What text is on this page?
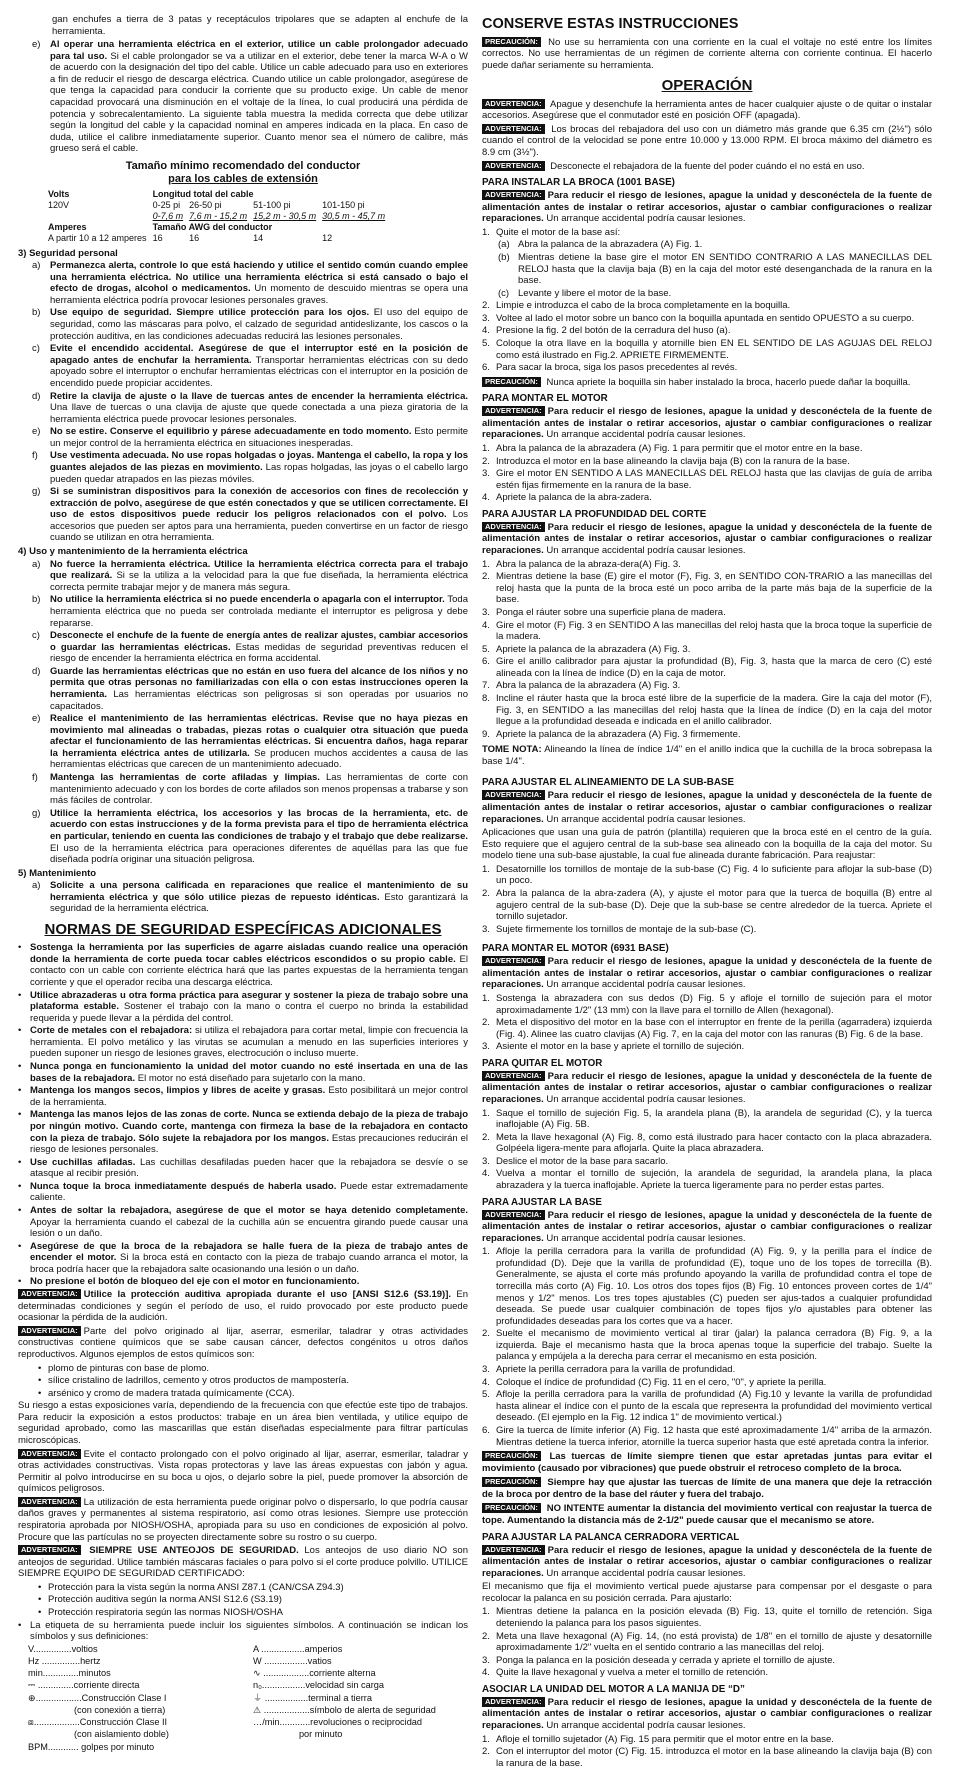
gan enchufes a tierra de 3 patas y receptáculos tripolares que se adapten al enchufe de la herramienta.

e)	Al operar una herramienta eléctrica en el exterior, utilice un cable prolongador adecuado para tal uso. Si el cable prolongador se va a utilizar en el exterior, debe tener la marca W-A o W de acuerdo con la designación del tipo del cable. Utilice un cable adecuado para uso en exteriores a fin de reducir el riesgo de descarga eléctrica. Cuando utilice un cable prolongador, asegúrese de que tenga la capacidad para conducir la corriente que su producto exige. Un cable de menor capacidad provocará una disminución en el voltaje de la línea, lo cual producirá una pérdida de potencia y sobrecalentamiento. La siguiente tabla muestra la medida correcta que debe utilizar según la longitud del cable y la capacidad nominal en amperes indicada en la placa. En caso de duda, utilice el calibre inmediatamente superior. Cuanto menor sea el número de calibre, más grueso será el cable.
Tamaño mínimo recomendado del conductor
para los cables de extensión
Volts	Longitud total del cable			
120V	0-25 pi	26-50 pi	51-100 pi	101-150 pi
	0-7,6 m	7,6 m - 15,2 m	15,2 m - 30,5 m	30,5 m - 45,7 m
Amperes	Tamaño AWG del conductor			
A partir 10 a 12 amperes	16	16	14	12
3) Seguridad personal
a)	Permanezca alerta, controle lo que está haciendo y utilice el sentido común cuando emplee una herramienta eléctrica. No utilice una herramienta eléctrica si está cansado o bajo el efecto de drogas, alcohol o medicamentos. Un momento de descuido mientras se opera una herramienta eléctrica podría provocar lesiones personales graves.
b)	Use equipo de seguridad. Siempre utilice protección para los ojos. El uso del equipo de seguridad, como las máscaras para polvo, el calzado de seguridad antideslizante, los cascos o la protección auditiva, en las condiciones adecuadas reducirá las lesiones personales.
c)	Evite el encendido accidental. Asegúrese de que el interruptor esté en la posición de apagado antes de enchufar la herramienta. Transportar herramientas eléctricas con su dedo apoyado sobre el interruptor o enchufar herramientas eléctricas con el interruptor en la posición de encendido puede propiciar accidentes.
d)	Retire la clavija de ajuste o la llave de tuercas antes de encender la herramienta eléctrica. Una llave de tuercas o una clavija de ajuste que quede conectada a una pieza giratoria de la herramienta eléctrica puede provocar lesiones personales.
e)	No se estire. Conserve el equilibrio y párese adecuadamente en todo momento. Esto permite un mejor control de la herramienta eléctrica en situaciones inesperadas.
f)	Use vestimenta adecuada. No use ropas holgadas o joyas. Mantenga el cabello, la ropa y los guantes alejados de las piezas en movimiento. Las ropas holgadas, las joyas o el cabello largo pueden quedar atrapados en las piezas móviles.
g)	Si se suministran dispositivos para la conexión de accesorios con fines de recolección y extracción de polvo, asegúrese de que estén conectados y que se utilicen correctamente. El uso de estos dispositivos puede reducir los peligros relacionados con el polvo. Los accesorios que pueden ser aptos para una herramienta, pueden convertirse en un factor de riesgo cuando se utilizan en otra herramienta.
4) Uso y mantenimiento de la herramienta eléctrica
a)	No fuerce la herramienta eléctrica. Utilice la herramienta eléctrica correcta para el trabajo que realizará. Si se la utiliza a la velocidad para la que fue diseñada, la herramienta eléctrica correcta permite trabajar mejor y de manera más segura.
b)	No utilice la herramienta eléctrica si no puede encenderla o apagarla con el interruptor. Toda herramienta eléctrica que no pueda ser controlada mediante el interruptor es peligrosa y debe repararse.
c)	Desconecte el enchufe de la fuente de energía antes de realizar ajustes, cambiar accesorios o guardar las herramientas eléctricas. Estas medidas de seguridad preventivas reducen el riesgo de encender la herramienta eléctrica en forma accidental.
d)	Guarde las herramientas eléctricas que no están en uso fuera del alcance de los niños y no permita que otras personas no familiarizadas con ella o con estas instrucciones operen la herramienta. Las herramientas eléctricas son peligrosas si son operadas por usuarios no capacitados.
e)	Realice el mantenimiento de las herramientas eléctricas. Revise que no haya piezas en movimiento mal alineadas o trabadas, piezas rotas o cualquier otra situación que pueda afectar el funcionamiento de las herramientas eléctricas. Si encuentra daños, haga reparar la herramienta eléctrica antes de utilizarla. Se producen muchos accidentes a causa de las herramientas eléctricas que carecen de un mantenimiento adecuado.
f)	Mantenga las herramientas de corte afiladas y limpias. Las herramientas de corte con mantenimiento adecuado y con los bordes de corte afilados son menos propensas a trabarse y son más fáciles de controlar.
g)	Utilice la herramienta eléctrica, los accesorios y las brocas de la herramienta, etc. de acuerdo con estas instrucciones y de la forma prevista para el tipo de herramienta eléctrica en particular, teniendo en cuenta las condiciones de trabajo y el trabajo que debe realizarse. El uso de la herramienta eléctrica para operaciones diferentes de aquéllas para las que fue diseñada podría originar una situación peligrosa.
5) Mantenimiento
a)	Solicite a una persona calificada en reparaciones que realice el mantenimiento de su herramienta eléctrica y que sólo utilice piezas de repuesto idénticas. Esto garantizará la seguridad de la herramienta eléctrica.
NORMAS DE SEGURIDAD ESPECÍFICAS ADICIONALES
• Sostenga la herramienta por las superficies de agarre aisladas cuando realice una operación donde la herramienta de corte pueda tocar cables eléctricos escondidos o su propio cable. El contacto con un cable con corriente eléctrica hará que las partes expuestas de la herramienta tengan corriente y que el operador reciba una descarga eléctrica.
• Utilice abrazaderas u otra forma práctica para asegurar y sostener la pieza de trabajo sobre una plataforma estable. Sostener el trabajo con la mano o contra el cuerpo no brinda la estabilidad requerida y puede llevar a la pérdida del control.
• Corte de metales con el rebajadora: si utiliza el rebajadora para cortar metal, limpie con frecuencia la herramienta. El polvo metálico y las virutas se acumulan a menudo en las superficies interiores y pueden suponer un riesgo de lesiones graves, electrocución o incluso muerte.
• Nunca ponga en funcionamiento la unidad del motor cuando no esté insertada en una de las bases de la rebajadora. El motor no está diseñado para sujetarlo con la mano.
• Mantenga los mangos secos, limpios y libres de aceite y grasas. Esto posibilitará un mejor control de la herramienta.
• Mantenga las manos lejos de las zonas de corte. Nunca se extienda debajo de la pieza de trabajo por ningún motivo. Cuando corte, mantenga con firmeza la base de la rebajadora en contacto con la pieza de trabajo. Sólo sujete la rebajadora por los mangos. Estas precauciones reducirán el riesgo de lesiones personales.
• Use cuchillas afiladas. Las cuchillas desafiladas pueden hacer que la rebajadora se desvíe o se atasque al recibir presión.
• Nunca toque la broca inmediatamente después de haberla usado. Puede estar extremadamente caliente.
• Antes de soltar la rebajadora, asegúrese de que el motor se haya detenido completamente. Apoyar la herramienta cuando el cabezal de la cuchilla aún se encuentra girando puede causar una lesión o un daño.
• Asegúrese de que la broca de la rebajadora se halle fuera de la pieza de trabajo antes de encender el motor. Si la broca está en contacto con la pieza de trabajo cuando arranca el motor, la broca podría hacer que la rebajadora salte ocasionando una lesión o un daño.
• No presione el botón de bloqueo del eje con el motor en funcionamiento.

ADVERTENCIA: Utilice la protección auditiva apropiada durante el uso [ANSI S12.6 (S3.19)]. En determinadas condiciones y según el período de uso, el ruido provocado por este producto puede ocasionar la pérdida de la audición.

ADVERTENCIA: Parte del polvo originado al lijar, aserrar, esmerilar, taladrar y otras actividades constructivas contiene químicos que se sabe causan cáncer, defectos congénitos u otros daños reproductivos. Algunos ejemplos de estos químicos son:

• plomo de pinturas con base de plomo.
• sílice cristalino de ladrillos, cemento y otros productos de mampostería.
• arsénico y cromo de madera tratada químicamente (CCA).

Su riesgo a estas exposiciones varía, dependiendo de la frecuencia con que efectúe este tipo de trabajos. Para reducir la exposición a estos productos: trabaje en un área bien ventilada, y utilice equipo de seguridad aprobado, como las mascarillas que están diseñadas especialmente para filtrar partículas microscópicas.

ADVERTENCIA: Evite el contacto prolongado con el polvo originado al lijar, aserrar, esmerilar, taladrar y otras actividades constructivas. Vista ropas protectoras y lave las áreas expuestas con jabón y agua. Permitir al polvo introducirse en su boca u ojos, o dejarlo sobre la piel, puede promover la absorción de químicos peligrosos.

ADVERTENCIA: La utilización de esta herramienta puede originar polvo o dispersarlo, lo que podría causar daños graves y permanentes al sistema respiratorio, así como otras lesiones. Siempre use protección respiratoria aprobada por NIOSH/OSHA, apropiada para su uso en condiciones de exposición al polvo. Procure que las partículas no se proyecten directamente sobre su rostro o su cuerpo.

ADVERTENCIA: SIEMPRE USE ANTEOJOS DE SEGURIDAD. Los anteojos de uso diario NO son anteojos de seguridad. Utilice también máscaras faciales o para polvo si el corte produce polvillo. UTILICE SIEMPRE EQUIPO DE SEGURIDAD CERTIFICADO:

• Protección para la vista según la norma ANSI Z87.1 (CAN/CSA Z94.3)
• Protección auditiva según la norma ANSI S12.6 (S3.19)
• Protección respiratoria según las normas NIOSH/OSHA
• La etiqueta de su herramienta puede incluir los siguientes símbolos. A continuación se indican los símbolos y sus definiciones:
V...............voltios	A .................amperios
Hz ...............hertz	W .................vatios
min..............minutos	∿ ..................corriente alterna
⎓ ..............corriente directa	n₀.................velocidad sin carga
⊕..................Construcción Clase I	⏚ .................terminal a tierra
(con conexión a tierra)	⚠ ..................símbolo de alerta de seguridad
⧈..................Construcción Clase II	…/min............revoluciones o reciprocidad
(con aislamiento doble)	por minuto
BPM............ golpes por minuto
CONSERVE ESTAS INSTRUCCIONES

PRECAUCIÓN: No use su herramienta con una corriente en la cual el voltaje no esté entre los límites correctos. No use herramientas de un régimen de corriente alterna con corriente continua. El hacerlo puede dañar seriamente su herramienta.

OPERACIÓN

ADVERTENCIA: Apague y desenchufe la herramienta antes de hacer cualquier ajuste o de quitar o instalar accesorios. Asegúrese que el conmutador esté en posición OFF (apagada).

ADVERTENCIA: Los brocas del rebajadora del uso con un diámetro más grande que 6.35 cm (2½") sólo cuando el control de la velocidad se pone entre 10.000 y 13.000 RPM. El broca máximo del diámetro es 8.9 cm (3½").

ADVERTENCIA: Desconecte el rebajadora de la fuente del poder cuándo el no está en uso.

PARA INSTALAR LA BROCA (1001 BASE)

ADVERTENCIA: Para reducir el riesgo de lesiones, apague la unidad y desconéctela de la fuente de alimentación antes de instalar o retirar accesorios, ajustar o cambiar configuraciones o realizar reparaciones. Un arranque accidental podría causar lesiones.

1. Quite el motor de la base así:
(a) Abra la palanca de la abrazadera (A) Fig. 1.
(b) Mientras detiene la base gire el motor EN SENTIDO CONTRARIO A LAS MANECILLAS DEL RELOJ hasta que la clavija baja (B) en la caja del motor esté desenganchada de la ranura en la base.
(c) Levante y libere el motor de la base.
2. Limpie e introduzca el cabo de la broca completamente en la boquilla.
3. Voltee al lado el motor sobre un banco con la boquilla apuntada en sentido OPUESTO a su cuerpo.
4. Presione la fig. 2 del botón de la cerradura del huso (a).
5. Coloque la otra llave en la boquilla y atornille bien EN EL SENTIDO DE LAS AGUJAS DEL RELOJ como está ilustrado en Fig.2. APRIETE FIRMEMENTE.
6. Para sacar la broca, siga los pasos precedentes al revés.

PRECAUCIÓN: Nunca apriete la boquilla sin haber instalado la broca, hacerlo puede dañar la boquilla.

PARA MONTAR EL MOTOR

ADVERTENCIA: Para reducir el riesgo de lesiones, apague la unidad y desconéctela de la fuente de alimentación antes de instalar o retirar accesorios, ajustar o cambiar configuraciones o realizar reparaciones. Un arranque accidental podría causar lesiones.

1. Abra la palanca de la abrazadera (A) Fig. 1 para permitir que el motor entre en la base.
2. Introduzca el motor en la base alineando la clavija baja (B) con la ranura de la base.
3. Gire el motor EN SENTIDO A LAS MANECILLAS DEL RELOJ hasta que las clavijas de guía de arriba estén fijas firmemente en la ranura de la base.
4. Apriete la palanca de la abra-zadera.
PARA AJUSTAR LA PROFUNDIDAD DEL CORTE

ADVERTENCIA: Para reducir el riesgo de lesiones, apague la unidad y desconéctela de la fuente de alimentación antes de instalar o retirar accesorios, ajustar o cambiar configuraciones o realizar reparaciones. Un arranque accidental podría causar lesiones.

1. Abra la palanca de la abraza-dera(A) Fig. 3.
2. Mientras detiene la base (E) gire el motor (F), Fig. 3, en SENTIDO CON-TRARIO a las manecillas del reloj hasta que la punta de la broca esté un poco arriba de la parte más baja de la superficie de la base.
3. Ponga el ráuter sobre una superficie plana de madera.
4. Gire el motor (F) Fig. 3 en SENTIDO A las manecillas del reloj hasta que la broca toque la superficie de la madera.
5. Apriete la palanca de la abrazadera (A) Fig. 3.
6. Gire el anillo calibrador para ajustar la profundidad (B), Fig. 3, hasta que la marca de cero (C) esté alineada con la línea de índice (D) en la caja de motor.
7. Abra la palanca de la abrazadera (A) Fig. 3.
8. Incline el ráuter hasta que la broca esté libre de la superficie de la madera. Gire la caja del motor (F), Fig. 3, en SENTIDO a las manecillas del reloj hasta que la línea de índice (D) en la caja del motor llegue a la profundidad deseada e indicada en el anillo calibrador.
9. Apriete la palanca de la abrazadera (A) Fig. 3 firmemente.

TOME NOTA: Alineando la línea de índice 1/4" en el anillo indica que la cuchilla de la broca sobrepasa la base 1/4".

PARA AJUSTAR EL ALINEAMIENTO DE LA SUB-BASE

ADVERTENCIA: Para reducir el riesgo de lesiones, apague la unidad y desconéctela de la fuente de alimentación antes de instalar o retirar accesorios, ajustar o cambiar configuraciones o realizar reparaciones. Un arranque accidental podría causar lesiones.

Aplicaciones que usan una guía de patrón (plantilla) requieren que la broca esté en el centro de la guía. Esto requiere que el agujero central de la sub-base sea alineado con la boquilla de la caja del motor. Su modelo tiene una sub-base ajustable, la cual fue alineada durante fabricación. Para reajustar:

1. Desatornille los tornillos de montaje de la sub-base (C) Fig. 4 lo suficiente para aflojar la sub-base (D) un poco.
2. Abra la palanca de la abra-zadera (A), y ajuste el motor para que la tuerca de boquilla (B) entre al agujero central de la sub-base (D). Deje que la sub-base se centre alrededor de la tuerca. Apriete el tornillo sujetador.
3. Sujete firmemente los tornillos de montaje de la sub-base (C).
PARA MONTAR EL MOTOR (6931 BASE)

ADVERTENCIA: Para reducir el riesgo de lesiones, apague la unidad y desconéctela de la fuente de alimentación antes de instalar o retirar accesorios, ajustar o cambiar configuraciones o realizar reparaciones. Un arranque accidental podría causar lesiones.

1. Sostenga la abrazadera con sus dedos (D) Fig. 5 y afloje el tornillo de sujeción para el motor aproximadamente 1/2" (13 mm) con la llave para el tornillo de Allen (hexagonal).
2. Meta el dispositivo del motor en la base con el interruptor en frente de la perilla (agarradera) izquierda (Fig. 4). Alinee las cuatro clavijas (A) Fig. 7, en la caja del motor con las ranuras (B) Fig. 6 de la base.
3. Asiente el motor en la base y apriete el tornillo de sujeción.
PARA QUITAR EL MOTOR

ADVERTENCIA: Para reducir el riesgo de lesiones, apague la unidad y desconéctela de la fuente de alimentación antes de instalar o retirar accesorios, ajustar o cambiar configuraciones o realizar reparaciones. Un arranque accidental podría causar lesiones.

1. Saque el tornillo de sujeción Fig. 5, la arandela plana (B), la arandela de seguridad (C), y la tuerca inaflojable (A) Fig. 5B.
2. Meta la llave hexagonal (A) Fig. 8, como está ilustrado para hacer contacto con la placa abrazadera. Golpéela ligera-mente para aflojarla. Quite la placa abrazadera.
3. Deslice el motor de la base para sacarlo.
4. Vuelva a montar el tornillo de sujeción, la arandela de seguridad, la arandela plana, la placa abrazadera y la tuerca inaflojable. Apriete la tuerca ligeramente para no perder estas partes.
PARA AJUSTAR LA BASE

ADVERTENCIA: Para reducir el riesgo de lesiones, apague la unidad y desconéctela de la fuente de alimentación antes de instalar o retirar accesorios, ajustar o cambiar configuraciones o realizar reparaciones. Un arranque accidental podría causar lesiones.

1. Afloje la perilla cerradora para la varilla de profundidad (A) Fig. 9, y la perilla para el índice de profundidad (D). Deje que la varilla de profundidad (E), toque uno de los topes de torrecilla (B). Generalmente, se ajusta el corte más profundo apoyando la varilla de profundidad contra el tope de torrecilla más corto (A) Fig. 10. Los otros dos topes fijos (B) Fig. 10 entonces proveen cortes de 1/4" menos y 1/2" menos. Los tres topes ajustables (C) pueden ser ajus-tados a cualquier profundidad deseada. Se puede usar cualquier combinación de topes fijos y/o ajustables para obtener las profundidades deseadas para los cortes que va a hacer.
2. Suelte el mecanismo de movimiento vertical al tirar (jalar) la palanca cerradora (B) Fig. 9, a la izquierda. Baje el mecanismo hasta que la broca apenas toque la superficie del trabajo. Suelte la palanca y empújela a la derecha para cerrar el mecanismo en esta posición.
3. Apriete la perilla cerradora para la varilla de profundidad.
4. Coloque el índice de profundidad (C) Fig. 11 en el cero, "0", y apriete la perilla.
5. Afloje la perilla cerradora para la varilla de profundidad (A) Fig.10 y levante la varilla de profundidad hasta alinear el índice con el punto de la escala que represента la profundidad del movimiento vertical deseado. (El ejemplo en la Fig. 12 indica 1" de movimiento vertical.)
6. Gire la tuerca de límite inferior (A) Fig. 12 hasta que esté aproximadamente 1/4" arriba de la armazón. Mientras detiene la tuerca inferior, atornille la tuerca superior hasta que esté apretada contra la inferior.

PRECAUCIÓN: Las tuercas de límite siempre tienen que estar apretadas juntas para evitar el movimiento (causado por vibraciones) que puede obstruir el retroceso completo de la broca.

PRECAUCIÓN: Siempre hay que ajustar las tuercas de límite de una manera que deje la retracción de la broca por dentro de la base del ráuter y fuera del trabajo.

PRECAUCIÓN: NO INTENTE aumentar la distancia del movimiento vertical con reajustar la tuerca de tope. Aumentando la distancia más de 2-1/2" puede causar que el mecanismo se atore.

PARA AJUSTAR LA PALANCA CERRADORA VERTICAL

ADVERTENCIA: Para reducir el riesgo de lesiones, apague la unidad y desconéctela de la fuente de alimentación antes de instalar o retirar accesorios, ajustar o cambiar configuraciones o realizar reparaciones. Un arranque accidental podría causar lesiones.

El mecanismo que fija el movimiento vertical puede ajustarse para compensar por el desgaste o para recolocar la palanca en su posición cerrada. Para ajustarlo:

1. Mientras detiene la palanca en la posición elevada (B) Fig. 13, quite el tornillo de retención. Siga deteniendo la palanca para los pasos siguientes.
2. Meta una llave hexagonal (A) Fig. 14, (no está provista) de 1/8" en el tornillo de ajuste y desatornille aproximadamente 1/2" vuelta en el sentido contrario a las manecillas del reloj.
3. Ponga la palanca en la posición deseada y cerrada y apriete el tornillo de ajuste.
4. Quite la llave hexagonal y vuelva a meter el tornillo de retención.
ASOCIAR LA UNIDAD DEL MOTOR A LA MANIJA DE “D”

ADVERTENCIA: Para reducir el riesgo de lesiones, apague la unidad y desconéctela de la fuente de alimentación antes de instalar o retirar accesorios, ajustar o cambiar configuraciones o realizar reparaciones. Un arranque accidental podría causar lesiones.

1. Afloje el tornillo sujetador (A) Fig. 15 para permitir que el motor entre en la base.
2. Con el interruptor del motor (C) Fig. 15. introduzca el motor en la base alineando la clavija baja (B) con la ranura de la base.
